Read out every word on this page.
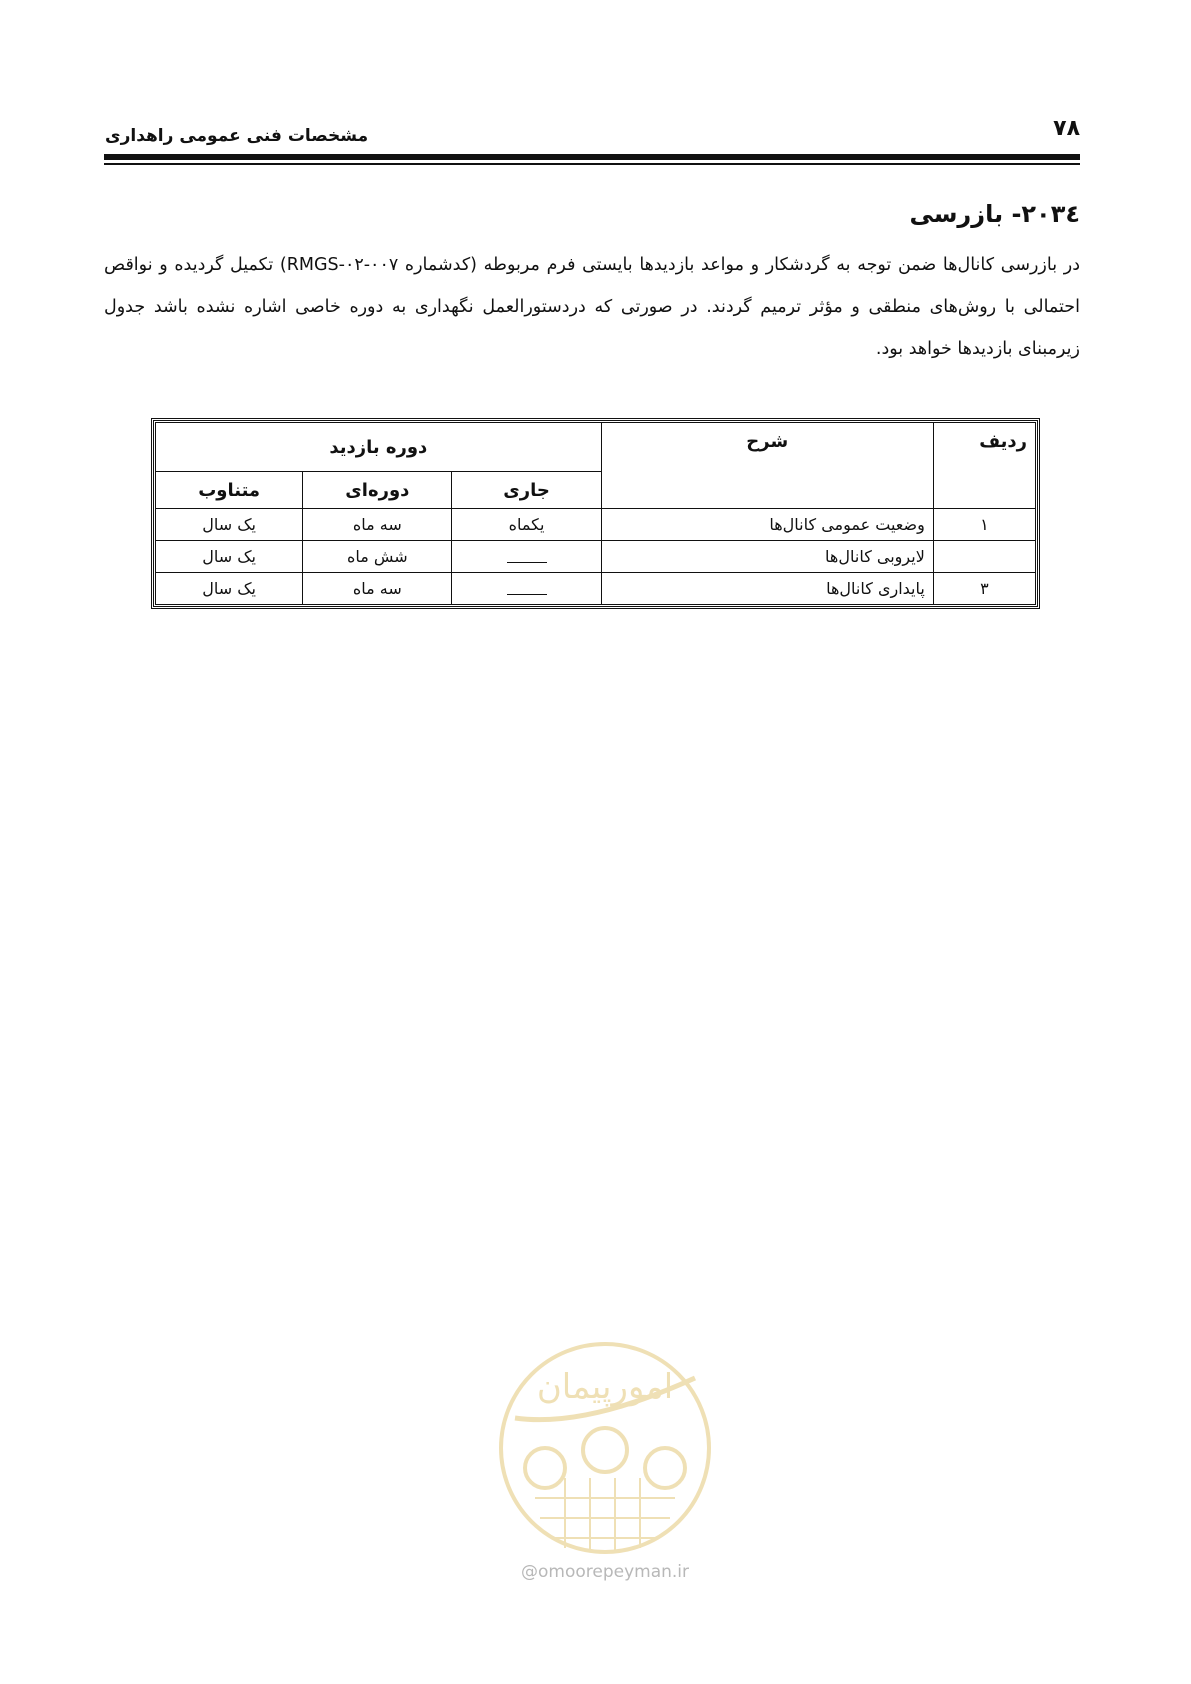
۷۸
مشخصات فنی عمومی راهداری
۲۰۳٤- بازرسی
در بازرسی کانال‌ها ضمن توجه به گردشکار و مواعد بازدیدها بایستی فرم مربوطه (کدشماره RMGS-۰۲-۰۰۷) تکمیل گردیده و نواقص احتمالی با روش‌های منطقی و مؤثر ترمیم گردند. در صورتی که دردستورالعمل نگهداری به دوره خاصی اشاره نشده باشد جدول زیرمبنای بازدیدها خواهد بود.
ردیف	شرح	دوره بازدید		
		جاری	دوره‌ای	متناوب
۱	وضعیت عمومی کانال‌ها	یکماه	سه ماه	یک سال
	لایروبی کانال‌ها		شش ماه	یک سال
۳	پایداری کانال‌ها		سه ماه	یک سال
امورپیمان
@omoorepeyman.ir
